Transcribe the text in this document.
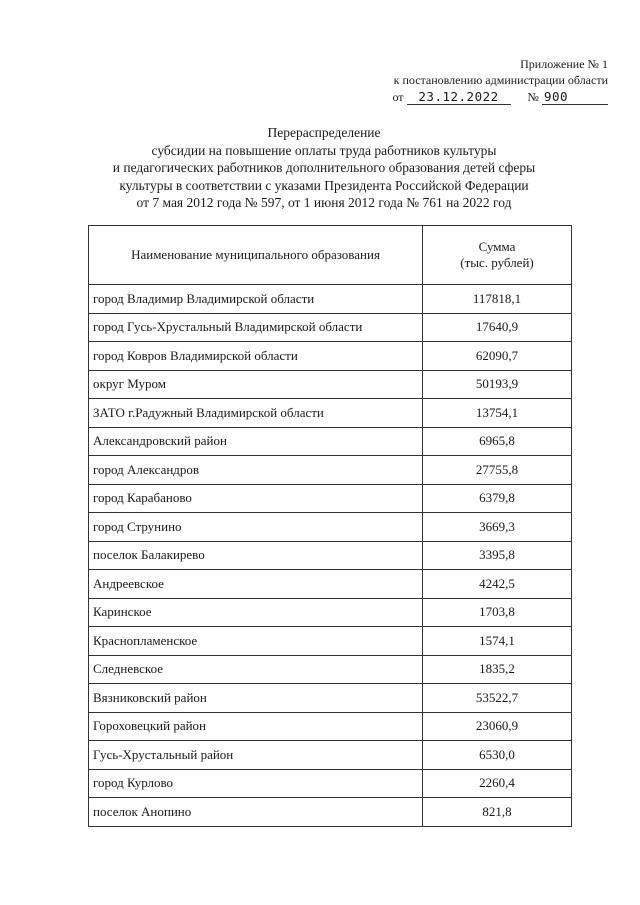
Приложение № 1
к постановлению администрации области
от 23.12.2022 № 900
Перераспределение
субсидии на повышение оплаты труда работников культуры
и педагогических работников дополнительного образования детей сферы
культуры в соответствии с указами Президента Российской Федерации
от 7 мая 2012 года № 597, от 1 июня 2012 года № 761 на 2022 год
Наименование муниципального образования	Сумма
(тыс. рублей)

город Владимир Владимирской области	117818,1
город Гусь-Хрустальный Владимирской области	17640,9
город Ковров Владимирской области	62090,7
округ Муром	50193,9
ЗАТО г.Радужный Владимирской области	13754,1
Александровский район	6965,8
город Александров	27755,8
город Карабаново	6379,8
город Струнино	3669,3
поселок Балакирево	3395,8
Андреевское	4242,5
Каринское	1703,8
Краснопламенское	1574,1
Следневское	1835,2
Вязниковский район	53522,7
Гороховецкий район	23060,9
Гусь-Хрустальный район	6530,0
город Курлово	2260,4
поселок Анопино	821,8
